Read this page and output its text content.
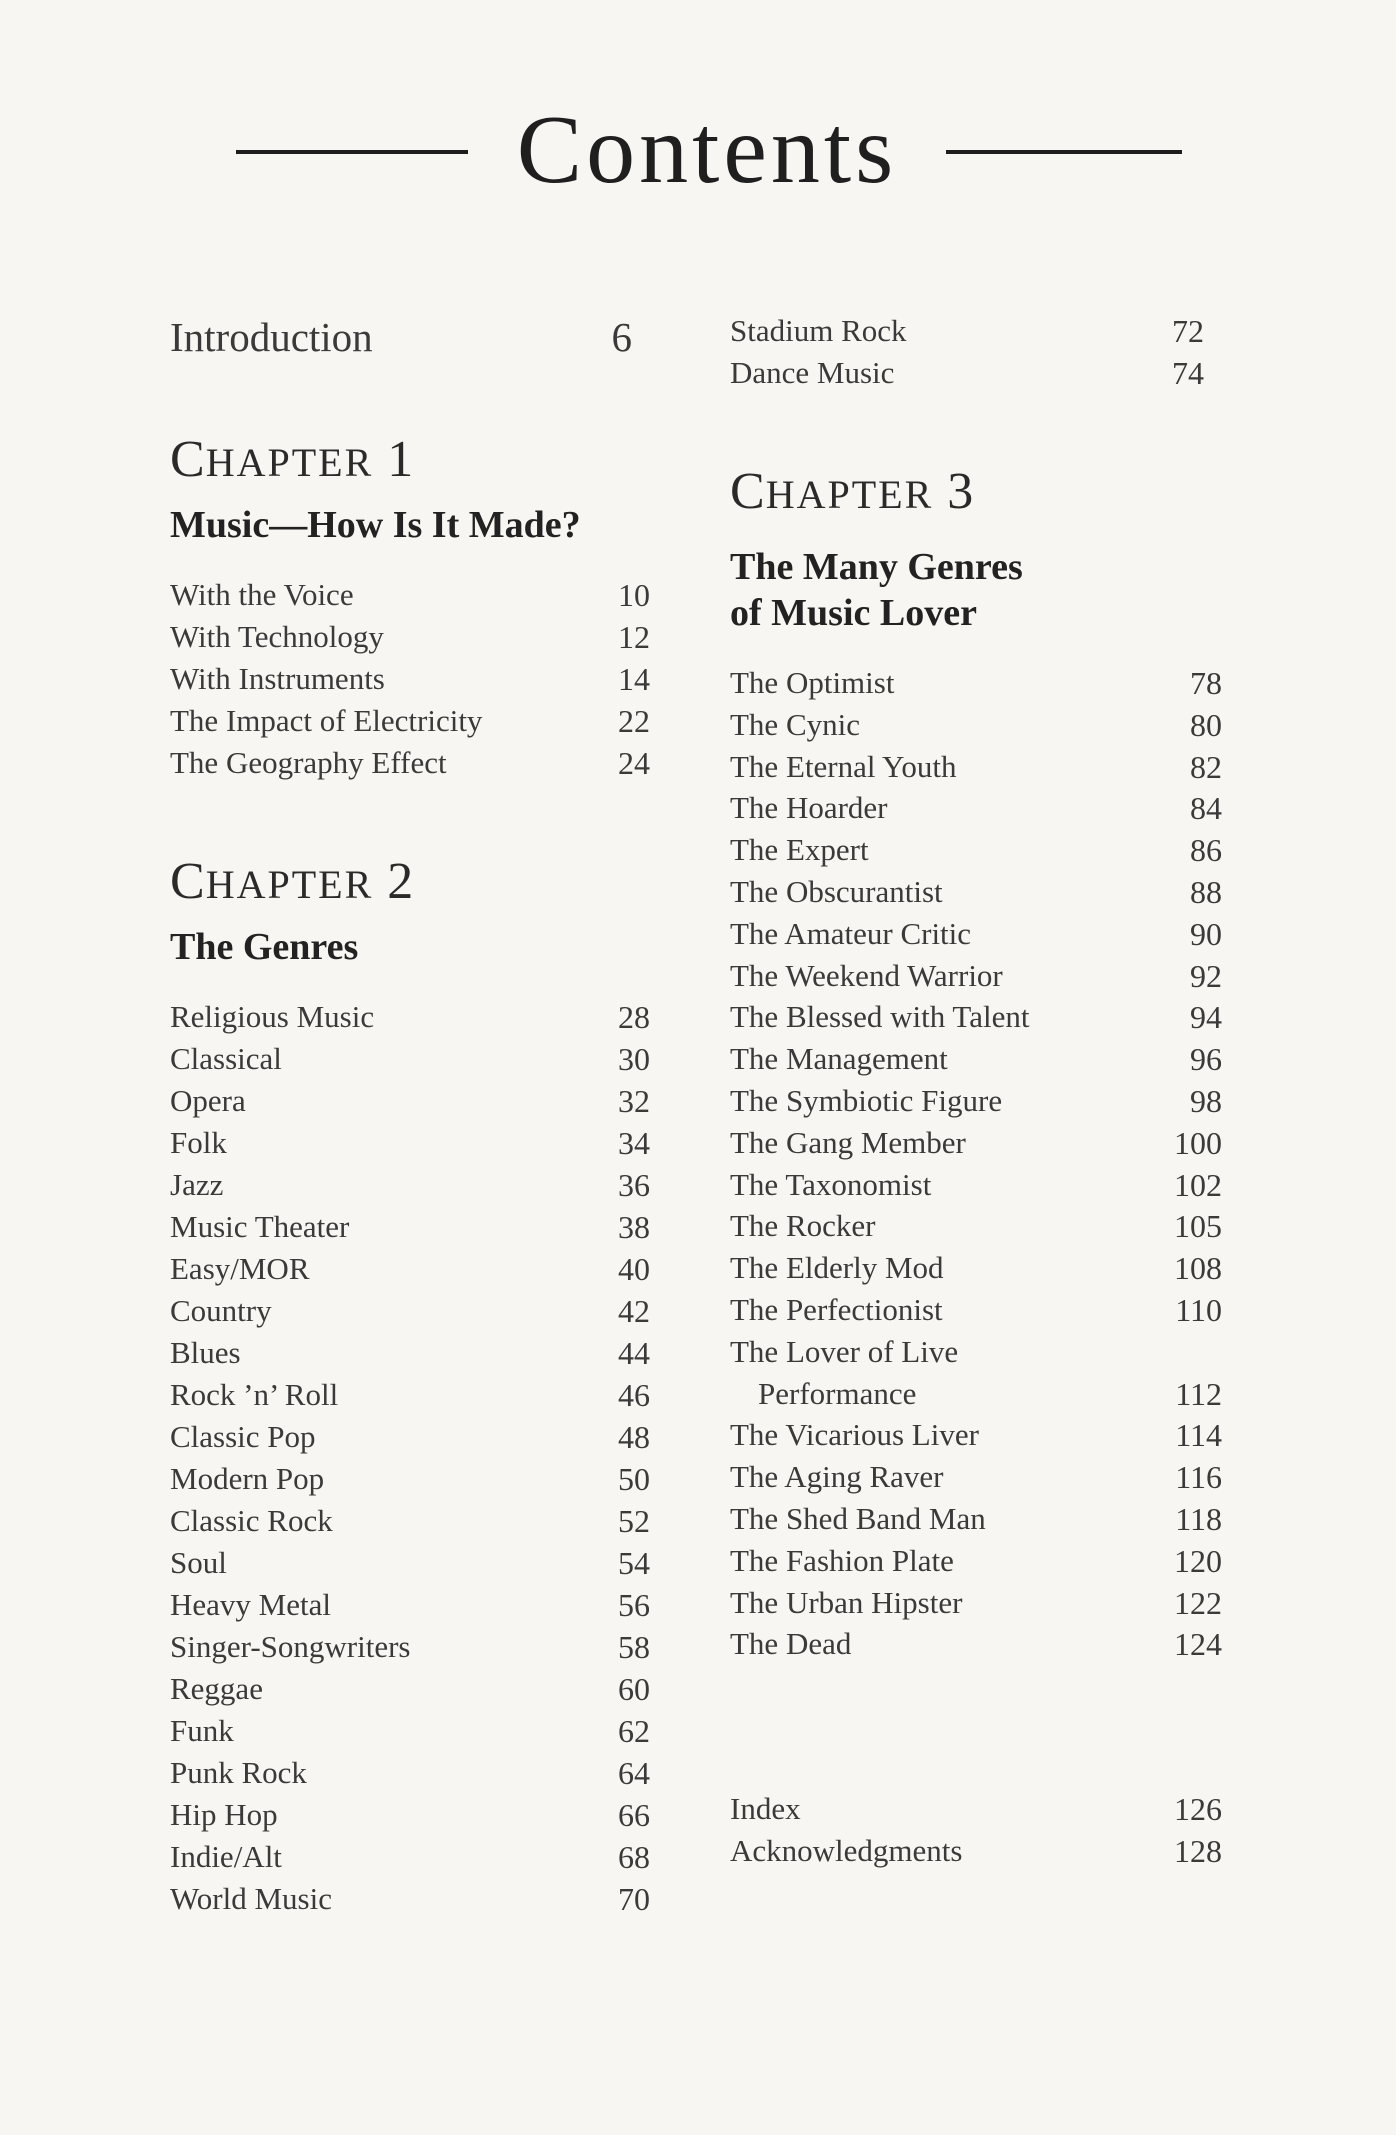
Contents
Introduction	6
CHAPTER 1
Music—How Is It Made?
With the Voice	10
With Technology	12
With Instruments	14
The Impact of Electricity	22
The Geography Effect	24
CHAPTER 2
The Genres
Religious Music	28
Classical	30
Opera	32
Folk	34
Jazz	36
Music Theater	38
Easy/MOR	40
Country	42
Blues	44
Rock ’n’ Roll	46
Classic Pop	48
Modern Pop	50
Classic Rock	52
Soul	54
Heavy Metal	56
Singer-Songwriters	58
Reggae	60
Funk	62
Punk Rock	64
Hip Hop	66
Indie/Alt	68
World Music	70
Stadium Rock	72
Dance Music	74
CHAPTER 3
The Many Genres
of Music Lover
The Optimist	78
The Cynic	80
The Eternal Youth	82
The Hoarder	84
The Expert	86
The Obscurantist	88
The Amateur Critic	90
The Weekend Warrior	92
The Blessed with Talent	94
The Management	96
The Symbiotic Figure	98
The Gang Member	100
The Taxonomist	102
The Rocker	105
The Elderly Mod	108
The Perfectionist	110
The Lover of Live
Performance	112
The Vicarious Liver	114
The Aging Raver	116
The Shed Band Man	118
The Fashion Plate	120
The Urban Hipster	122
The Dead	124
Index	126
Acknowledgments	128
